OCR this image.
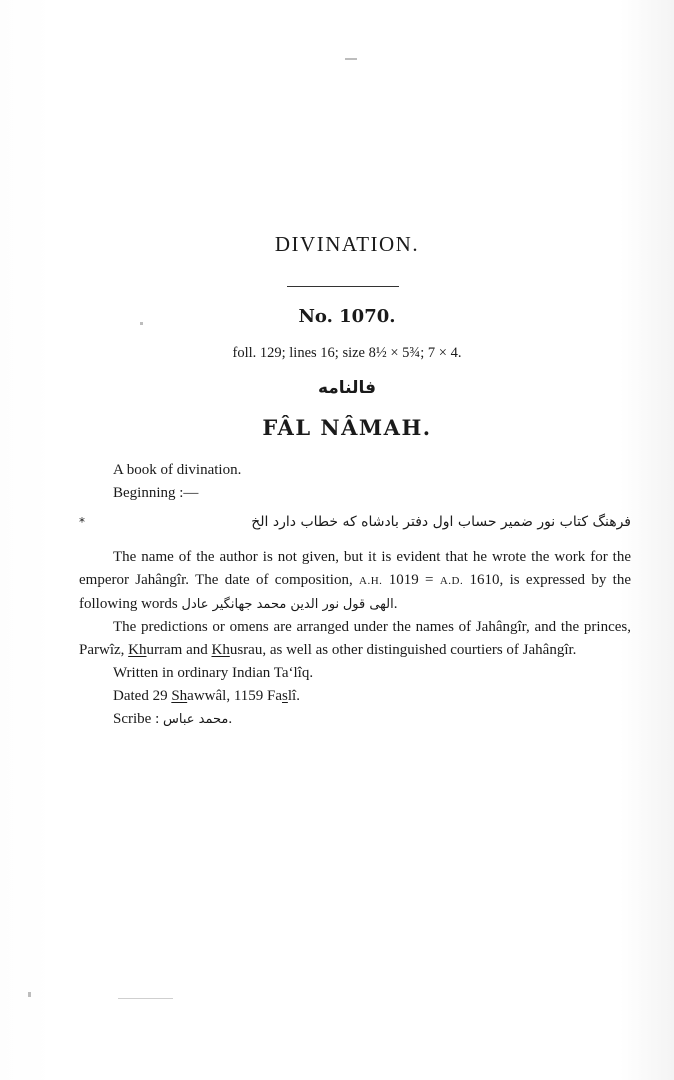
DIVINATION.
No. 1070.
foll. 129; lines 16; size 8½ × 5¾; 7 × 4.
فالنامه
FÂL NÂMAH.
A book of divination.
Beginning :—
*	فرهنگ کتاب نور ضمیر حساب اول دفتر بادشاه که خطاب دارد الخ
The name of the author is not given, but it is evident that he wrote the work for the emperor Jahângîr. The date of composition, A.H. 1019 = A.D. 1610, is expressed by the following words	الهی قول نور الدین محمد جهانگیر عادل	.
The predictions or omens are arranged under the names of Jahângîr, and the princes, Parwîz, Khurram and Khusrau, as well as other distinguished courtiers of Jahângîr.
Written in ordinary Indian Ta‘lîq.
Dated 29 Shawwâl, 1159 Faslî.
Scribe : محمد عباس.
